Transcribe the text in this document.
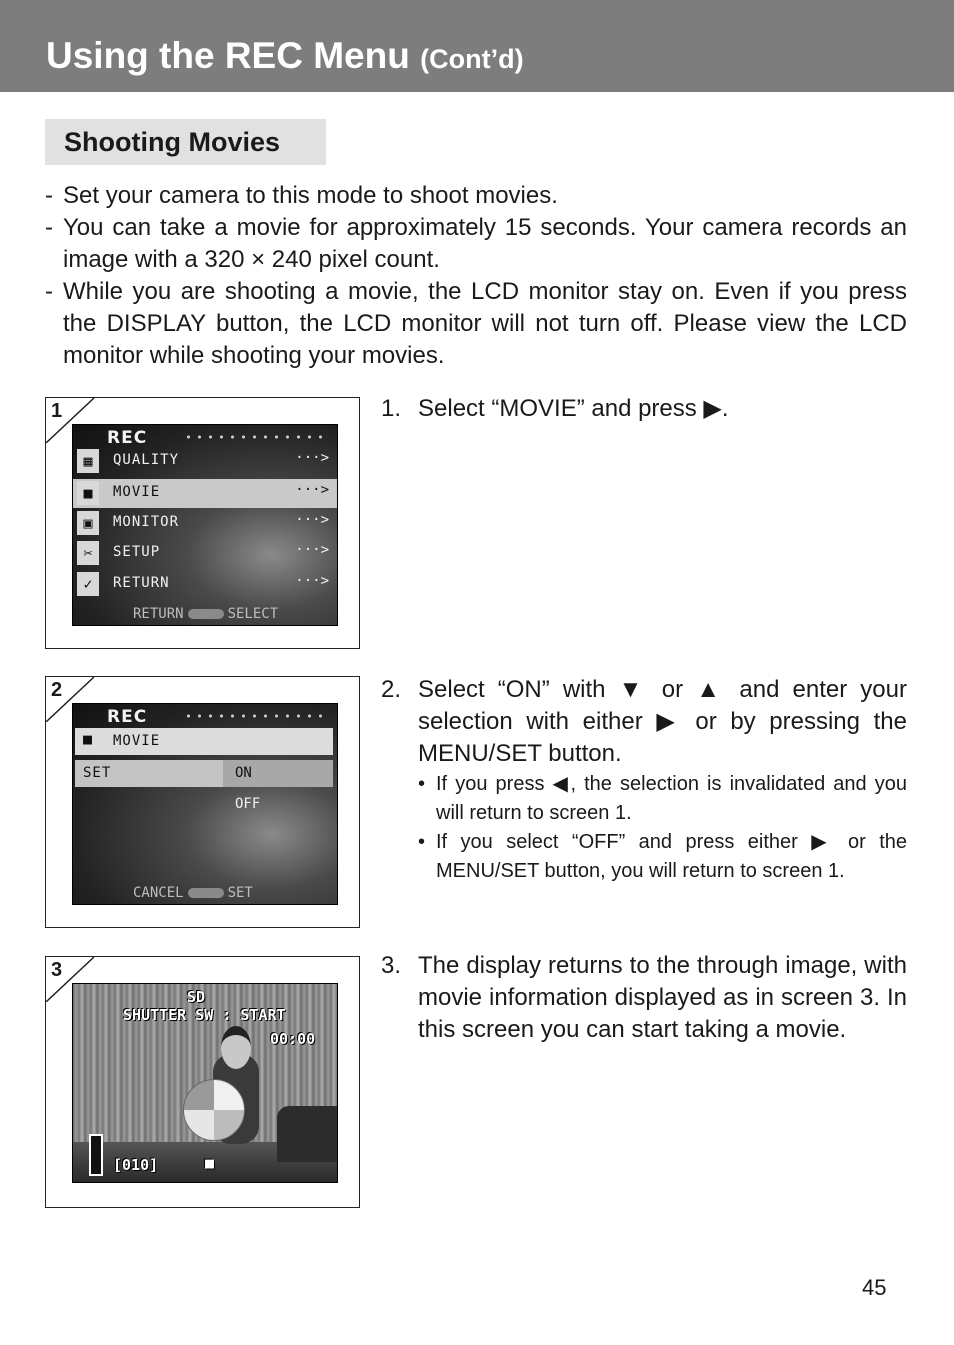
Using the REC Menu (Cont’d)
Shooting Movies
- Set your camera to this mode to shoot movies.
- You can take a movie for approximately 15 seconds. Your camera records an image with a 320 × 240 pixel count.
- While you are shooting a movie, the LCD monitor stay on. Even if you press the DISPLAY button, the LCD monitor will not turn off. Please view the LCD monitor while shooting your movies.
1
REC
▦	QUALITY	···>
■	MOVIE	···>
▣	MONITOR	···>
✂	SETUP	···>
✓	RETURN	···>
RETURN	SELECT
2
REC
■ MOVIE
SET	ON
OFF
CANCEL	SET
3
SD
SHUTTER SW : START
00:00
[010]	■
1. Select “MOVIE” and press ▶.
2. Select “ON” with ▼ or ▲ and enter your selection with either ▶ or by pressing the MENU/SET button.
• If you press ◀, the selection is invalidated and you will return to screen 1.
• If you select “OFF” and press either ▶ or the MENU/SET button, you will return to screen 1.
3. The display returns to the through image, with movie information displayed as in screen 3. In this screen you can start taking a movie.
45
